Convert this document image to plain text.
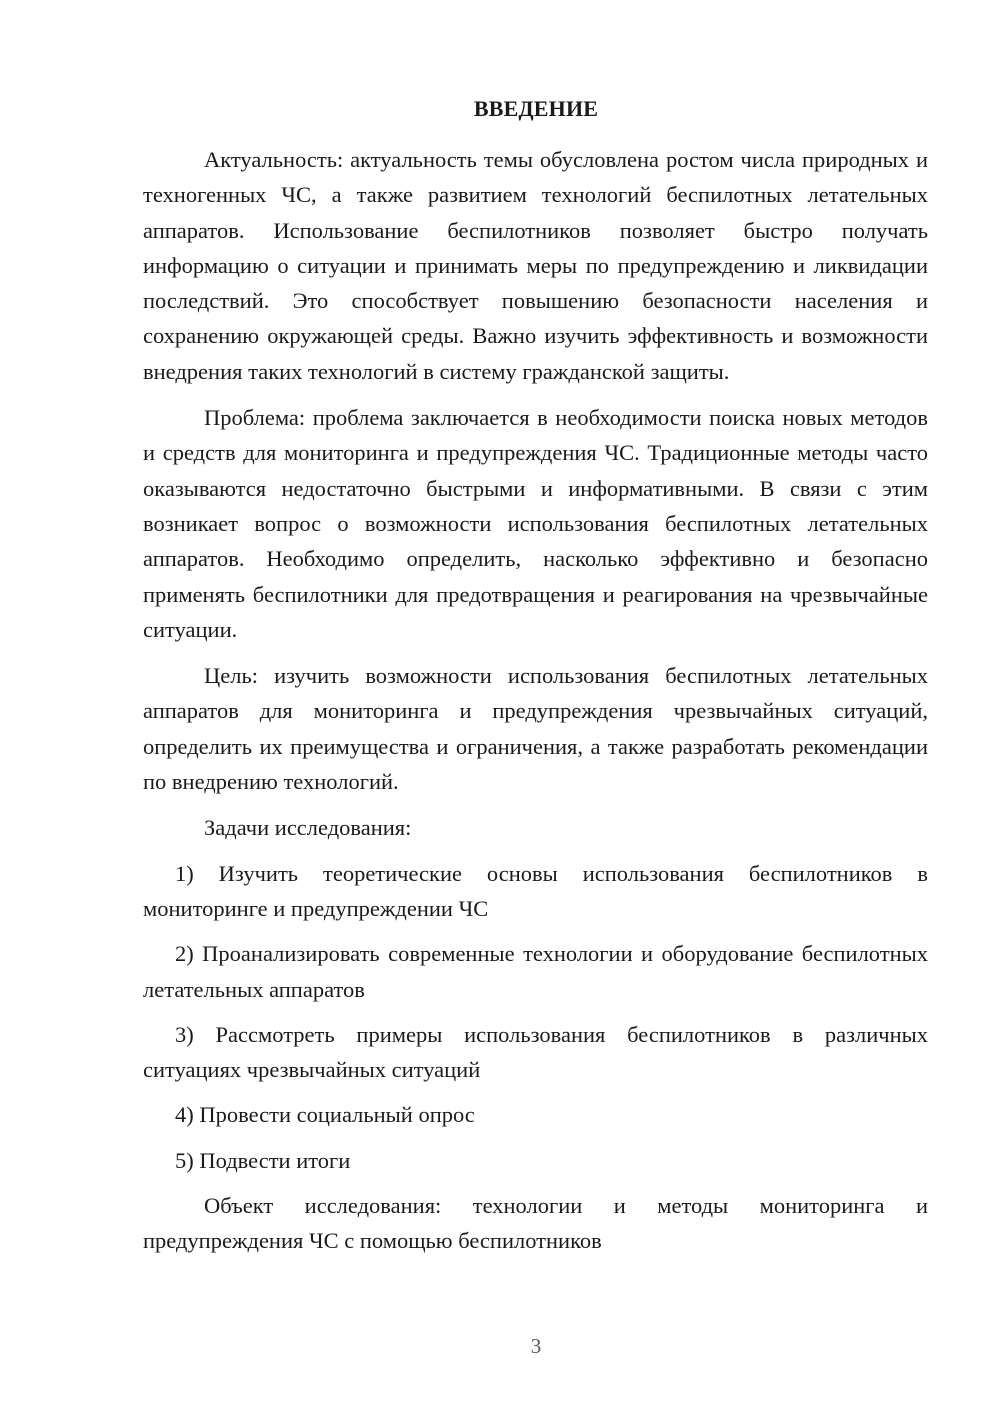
ВВЕДЕНИЕ

Актуальность: актуальность темы обусловлена ростом числа природных и техногенных ЧС, а также развитием технологий беспилотных летательных аппаратов. Использование беспилотников позволяет быстро получать информацию о ситуации и принимать меры по предупреждению и ликвидации последствий. Это способствует повышению безопасности населения и сохранению окружающей среды. Важно изучить эффективность и возможности внедрения таких технологий в систему гражданской защиты.

Проблема: проблема заключается в необходимости поиска новых методов и средств для мониторинга и предупреждения ЧС. Традиционные методы часто оказываются недостаточно быстрыми и информативными. В связи с этим возникает вопрос о возможности использования беспилотных летательных аппаратов. Необходимо определить, насколько эффективно и безопасно применять беспилотники для предотвращения и реагирования на чрезвычайные ситуации.

Цель: изучить возможности использования беспилотных летательных аппаратов для мониторинга и предупреждения чрезвычайных ситуаций, определить их преимущества и ограничения, а также разработать рекомендации по внедрению технологий.

Задачи исследования:

1) Изучить теоретические основы использования беспилотников в мониторинге и предупреждении ЧС

2) Проанализировать современные технологии и оборудование беспилотных летательных аппаратов

3) Рассмотреть примеры использования беспилотников в различных ситуациях чрезвычайных ситуаций

4) Провести социальный опрос

5) Подвести итоги

Объект исследования: технологии и методы мониторинга и предупреждения ЧС с помощью беспилотников

3
